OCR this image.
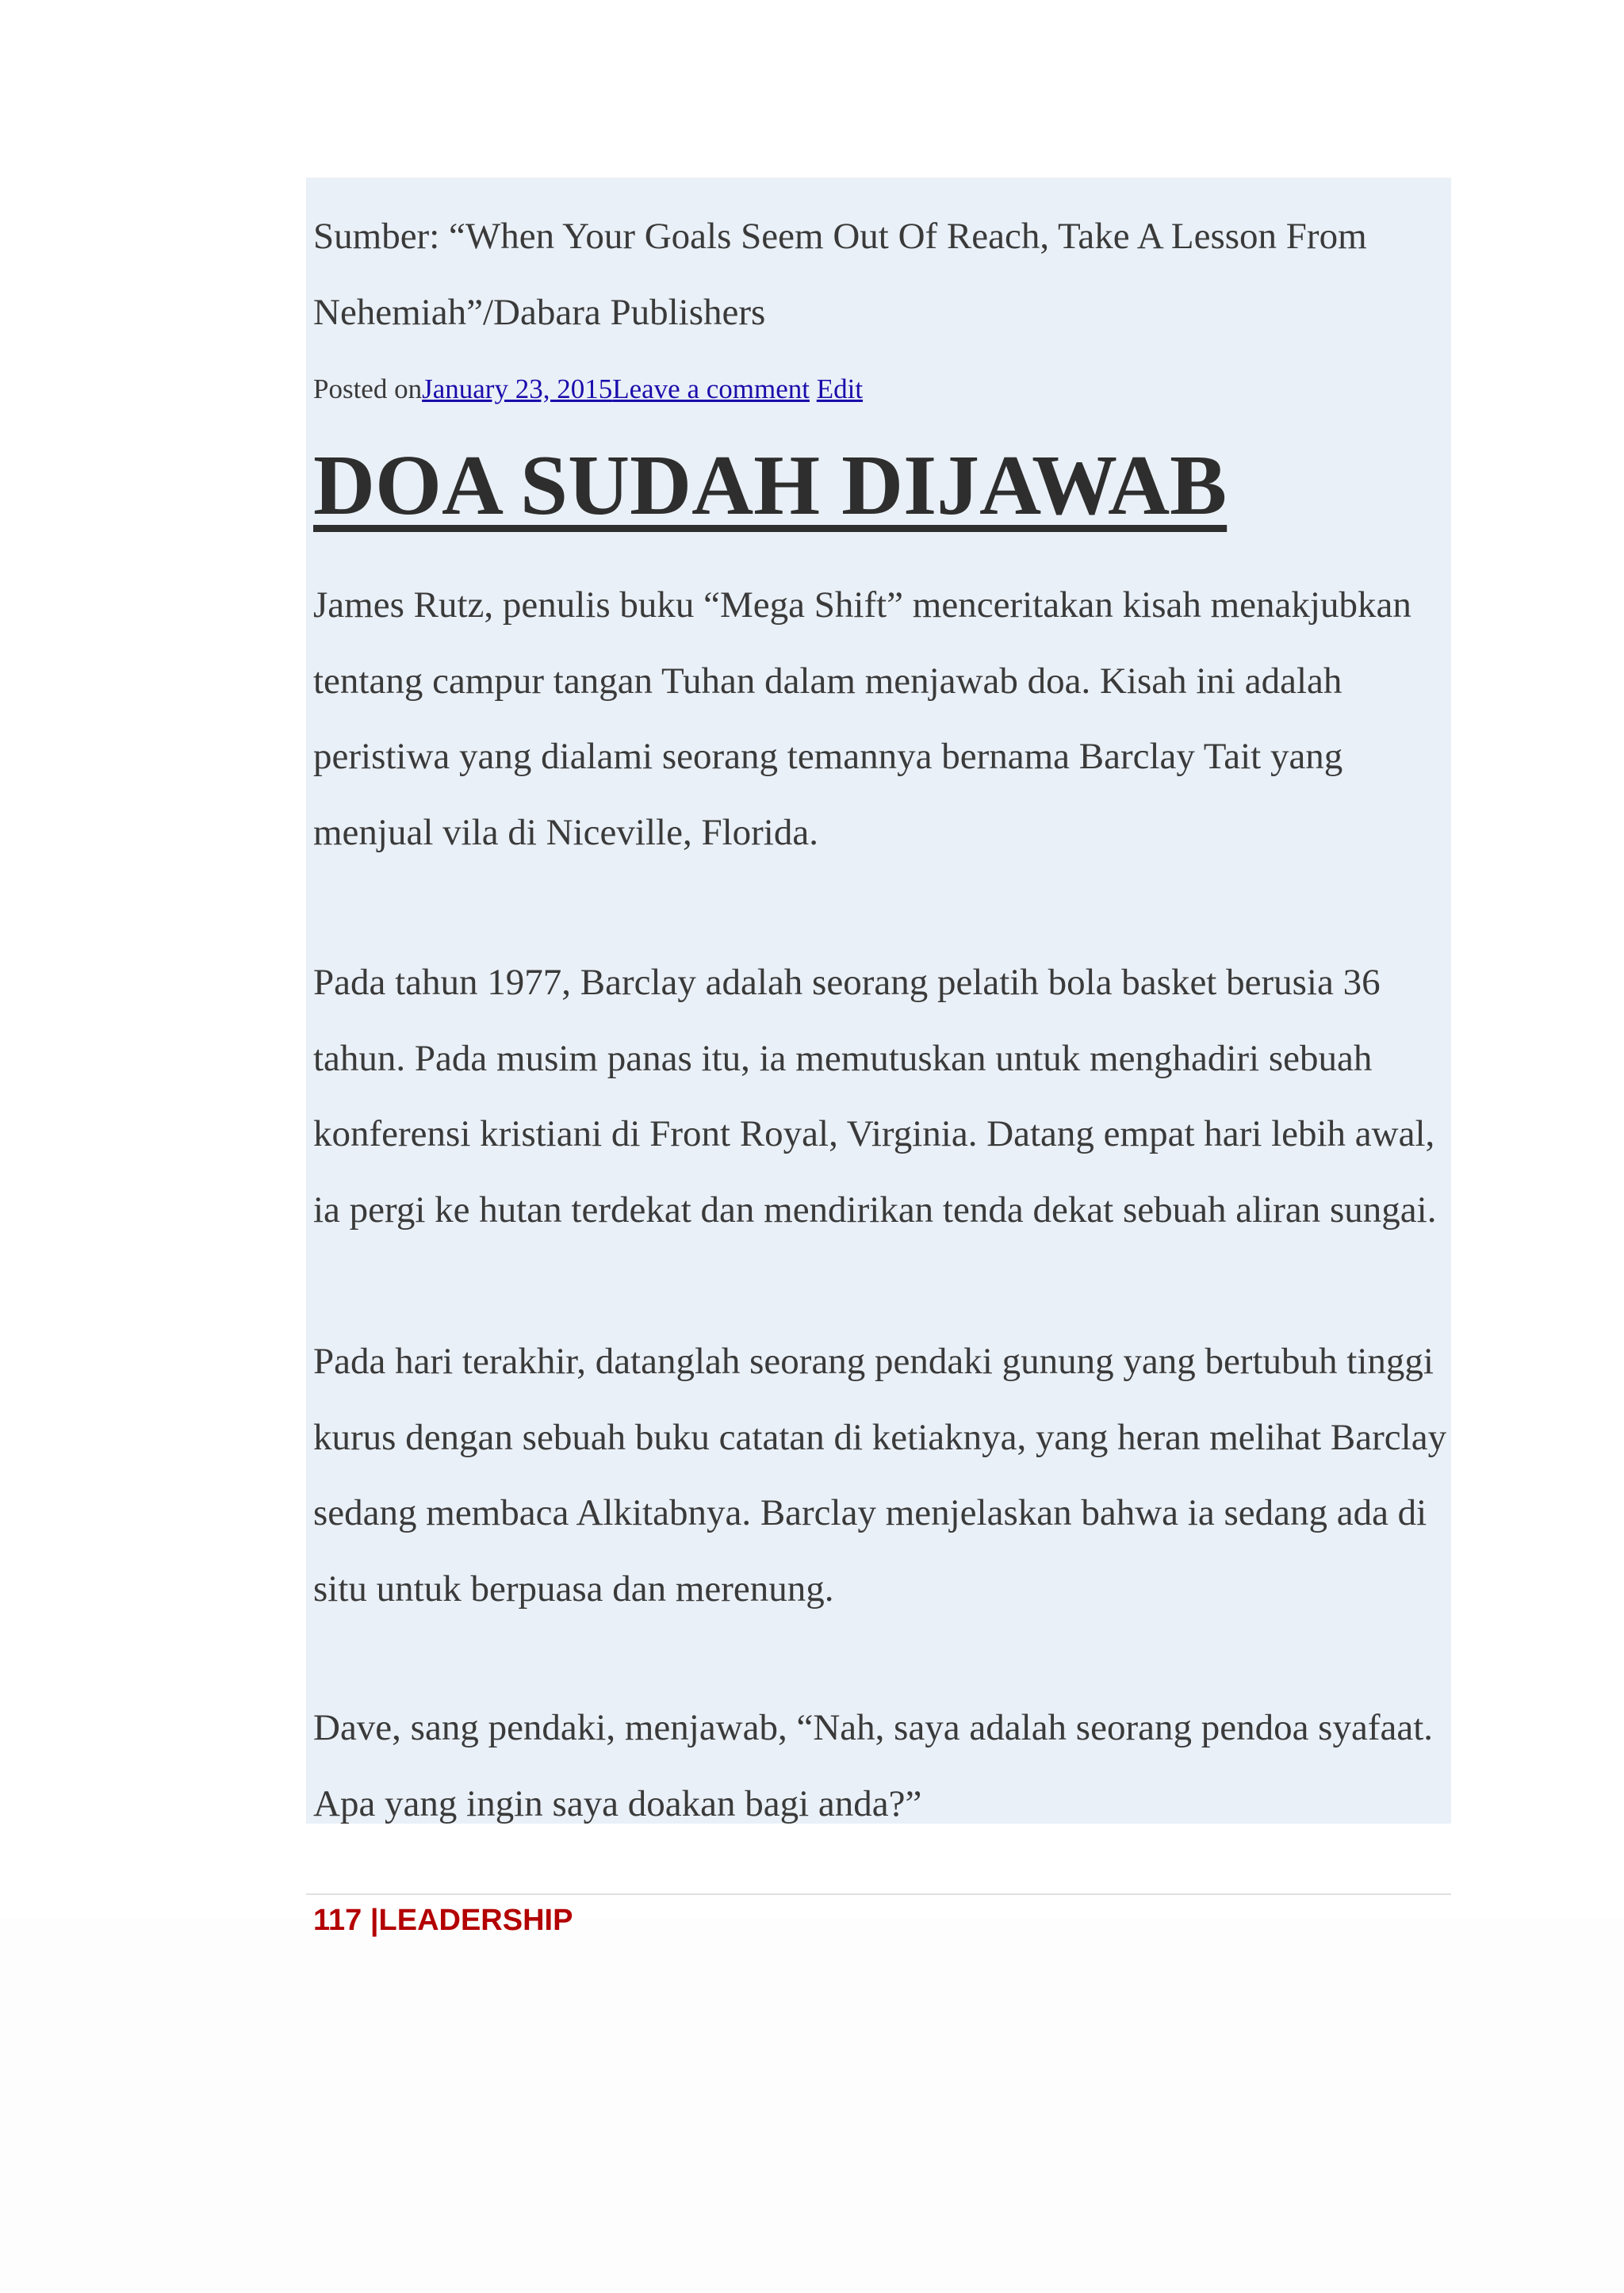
Sumber: “When Your Goals Seem Out Of Reach, Take A Lesson From Nehemiah”/Dabara Publishers

Posted onJanuary 23, 2015Leave a comment Edit
DOA SUDAH DIJAWAB

James Rutz, penulis buku “Mega Shift” menceritakan kisah menakjubkan tentang campur tangan Tuhan dalam menjawab doa. Kisah ini adalah peristiwa yang dialami seorang temannya bernama Barclay Tait yang menjual vila di Niceville, Florida.

Pada tahun 1977, Barclay adalah seorang pelatih bola basket berusia 36 tahun. Pada musim panas itu, ia memutuskan untuk menghadiri sebuah konferensi kristiani di Front Royal, Virginia. Datang empat hari lebih awal, ia pergi ke hutan terdekat dan mendirikan tenda dekat sebuah aliran sungai.

Pada hari terakhir, datanglah seorang pendaki gunung yang bertubuh tinggi kurus dengan sebuah buku catatan di ketiaknya, yang heran melihat Barclay sedang membaca Alkitabnya. Barclay menjelaskan bahwa ia sedang ada di situ untuk berpuasa dan merenung.

Dave, sang pendaki, menjawab, “Nah, saya adalah seorang pendoa syafaat. Apa yang ingin saya doakan bagi anda?”

117 |LEADERSHIP
